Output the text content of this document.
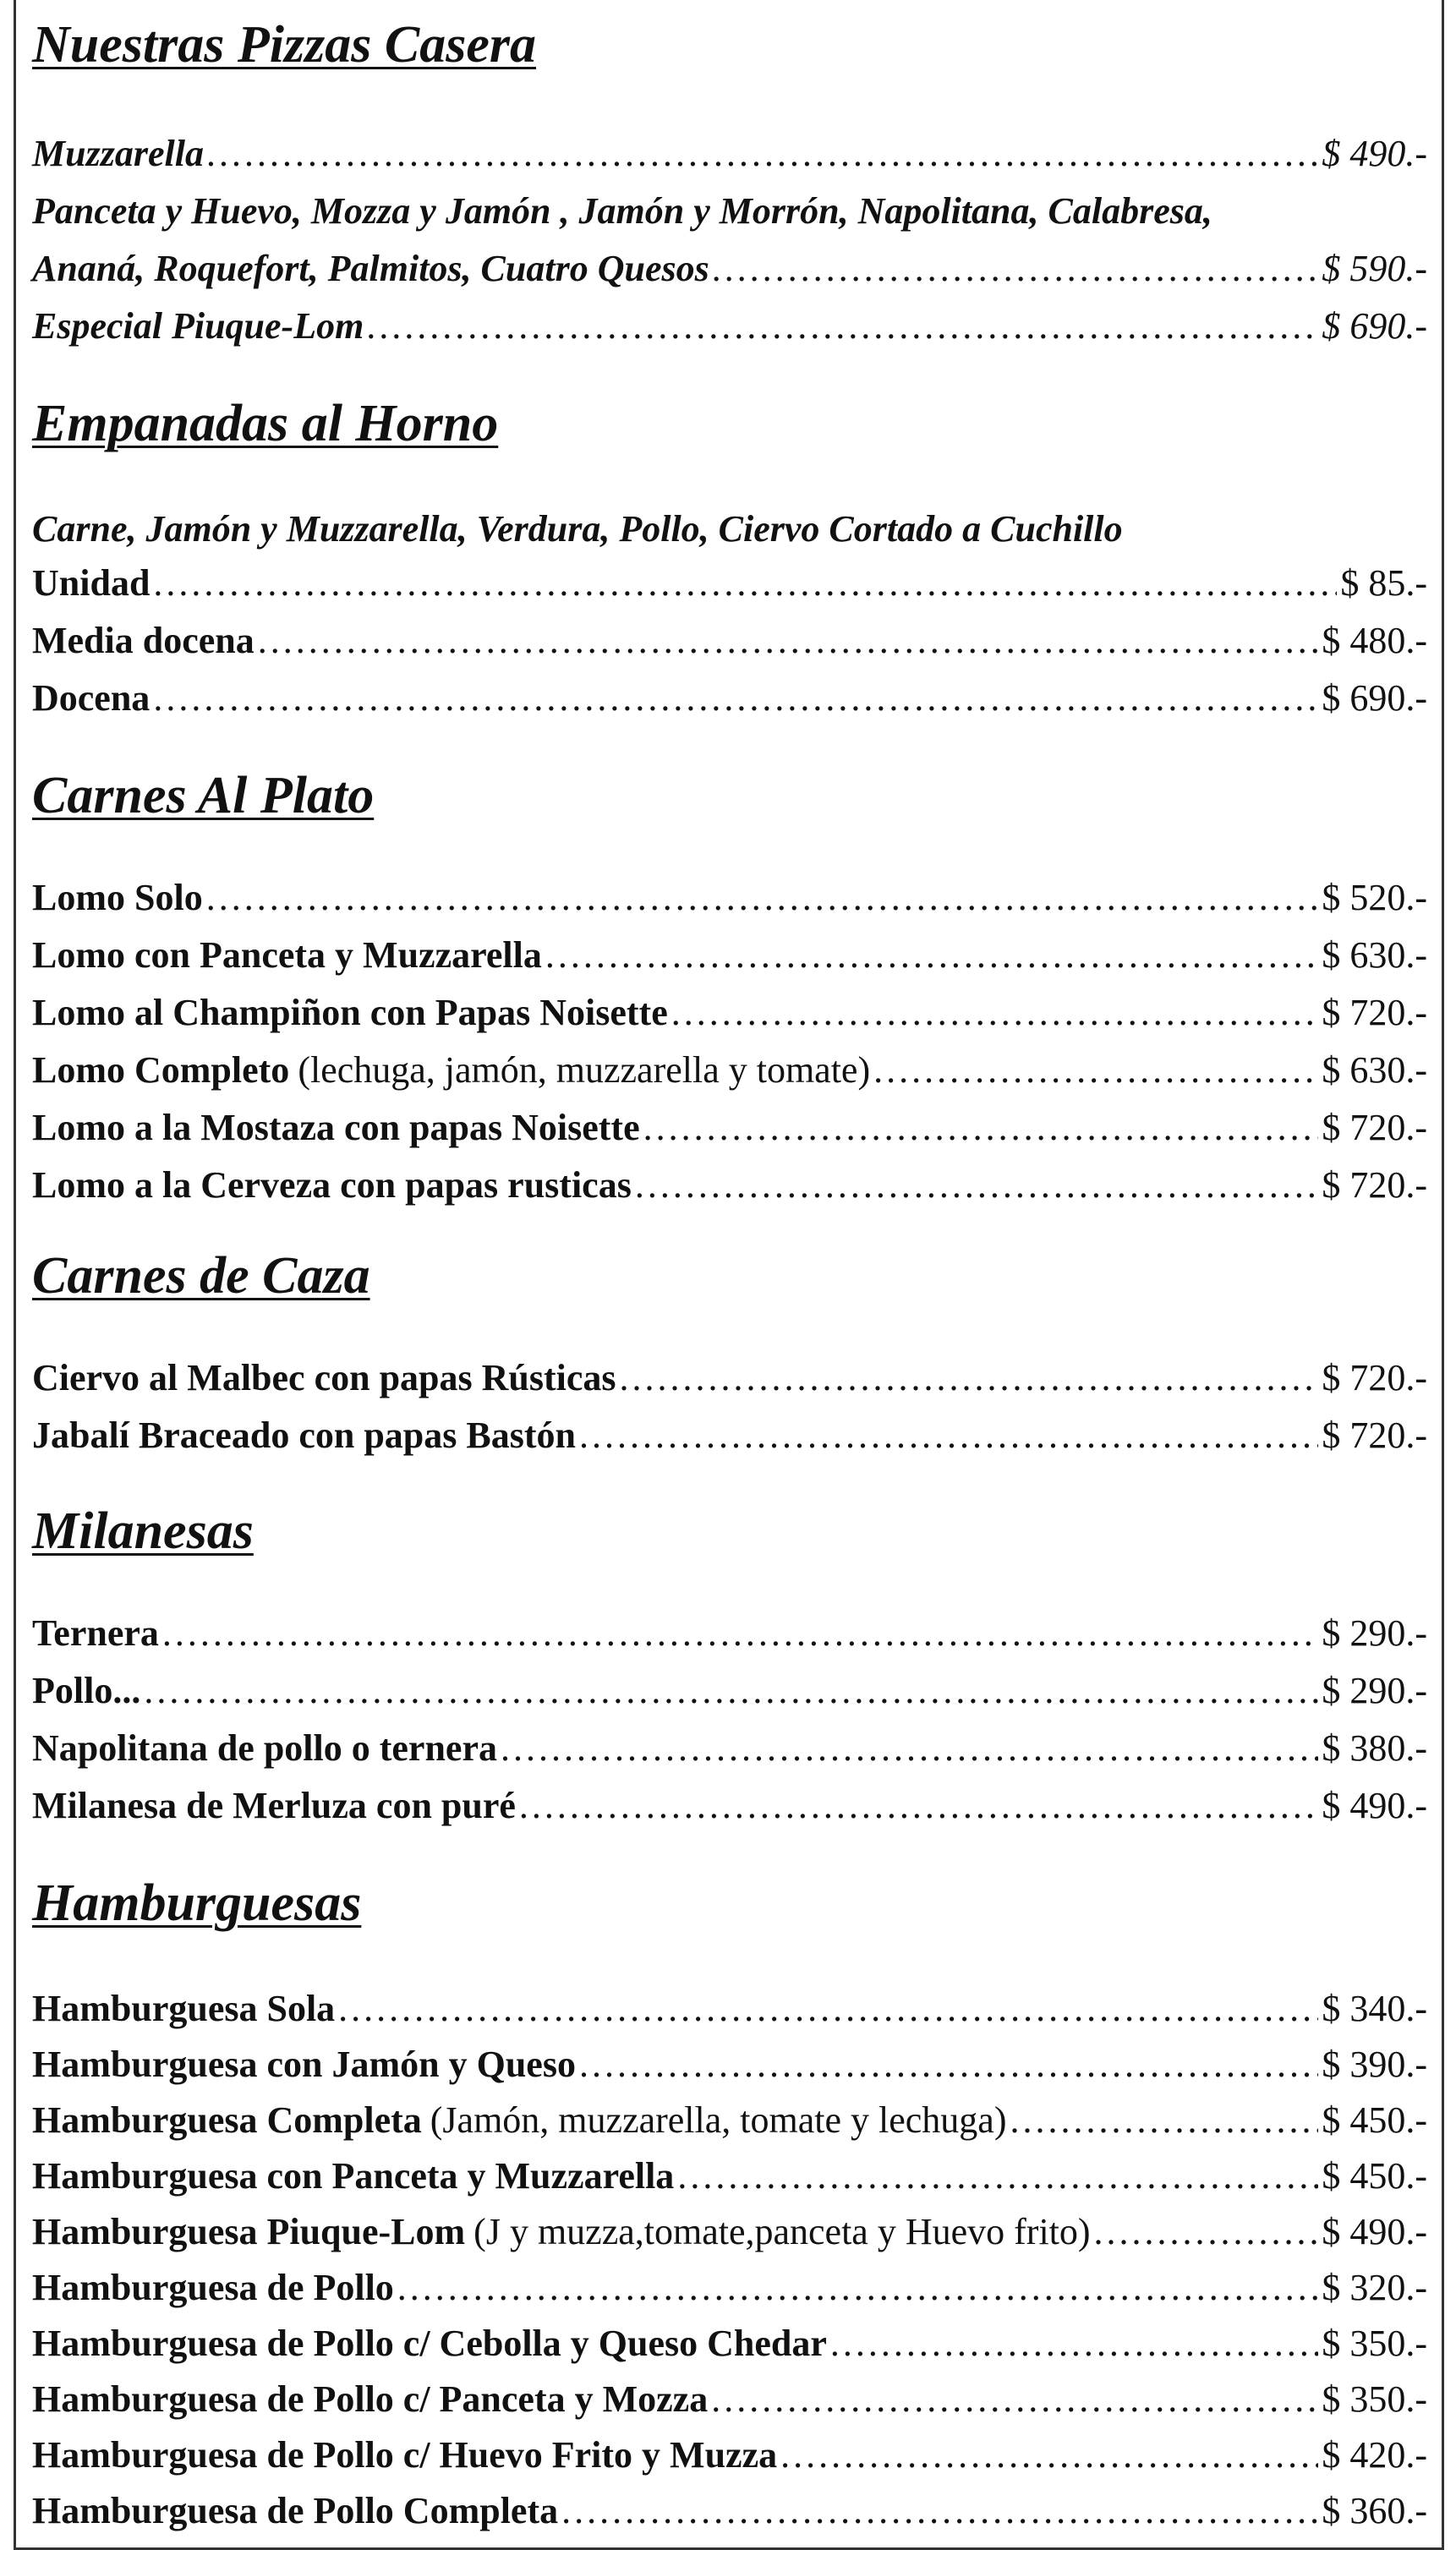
Nuestras Pizzas Casera
Muzzarella .....	$ 490.-
Panceta y Huevo, Mozza y Jamón , Jamón y Morrón, Napolitana, Calabresa,
Ananá, Roquefort, Palmitos, Cuatro Quesos .....	$ 590.-
Especial Piuque-Lom .....	$ 690.-
Empanadas al Horno
Carne, Jamón y Muzzarella, Verdura, Pollo, Ciervo Cortado a Cuchillo
Unidad .....	$ 85.-
Media docena .....	$ 480.-
Docena .....	$ 690.-
Carnes Al Plato
Lomo Solo .....	$ 520.-
Lomo con Panceta y Muzzarella .....	$ 630.-
Lomo al Champiñon con Papas Noisette .....	$ 720.-
Lomo Completo (lechuga, jamón, muzzarella y tomate) .....	$ 630.-
Lomo a la Mostaza con papas Noisette .....	$ 720.-
Lomo a la Cerveza con papas rusticas .....	$ 720.-
Carnes de Caza
Ciervo al Malbec con papas Rústicas .....	$ 720.-
Jabalí Braceado con papas Bastón .....	$ 720.-
Milanesas
Ternera .....	$ 290.-
Pollo... .....	$ 290.-
Napolitana de pollo o ternera .....	$ 380.-
Milanesa de Merluza con puré .....	$ 490.-
Hamburguesas
Hamburguesa Sola .....	$ 340.-
Hamburguesa con Jamón y Queso .....	$ 390.-
Hamburguesa Completa (Jamón, muzzarella, tomate y lechuga) .....	$ 450.-
Hamburguesa con Panceta y Muzzarella .....	$ 450.-
Hamburguesa Piuque-Lom (J y muzza,tomate,panceta y Huevo frito) .....	$ 490.-
Hamburguesa de Pollo .....	$ 320.-
Hamburguesa de Pollo c/ Cebolla y Queso Chedar .....	$ 350.-
Hamburguesa de Pollo c/ Panceta y Mozza .....	$ 350.-
Hamburguesa de Pollo c/ Huevo Frito y Muzza .....	$ 420.-
Hamburguesa de Pollo Completa .....	$ 360.-
